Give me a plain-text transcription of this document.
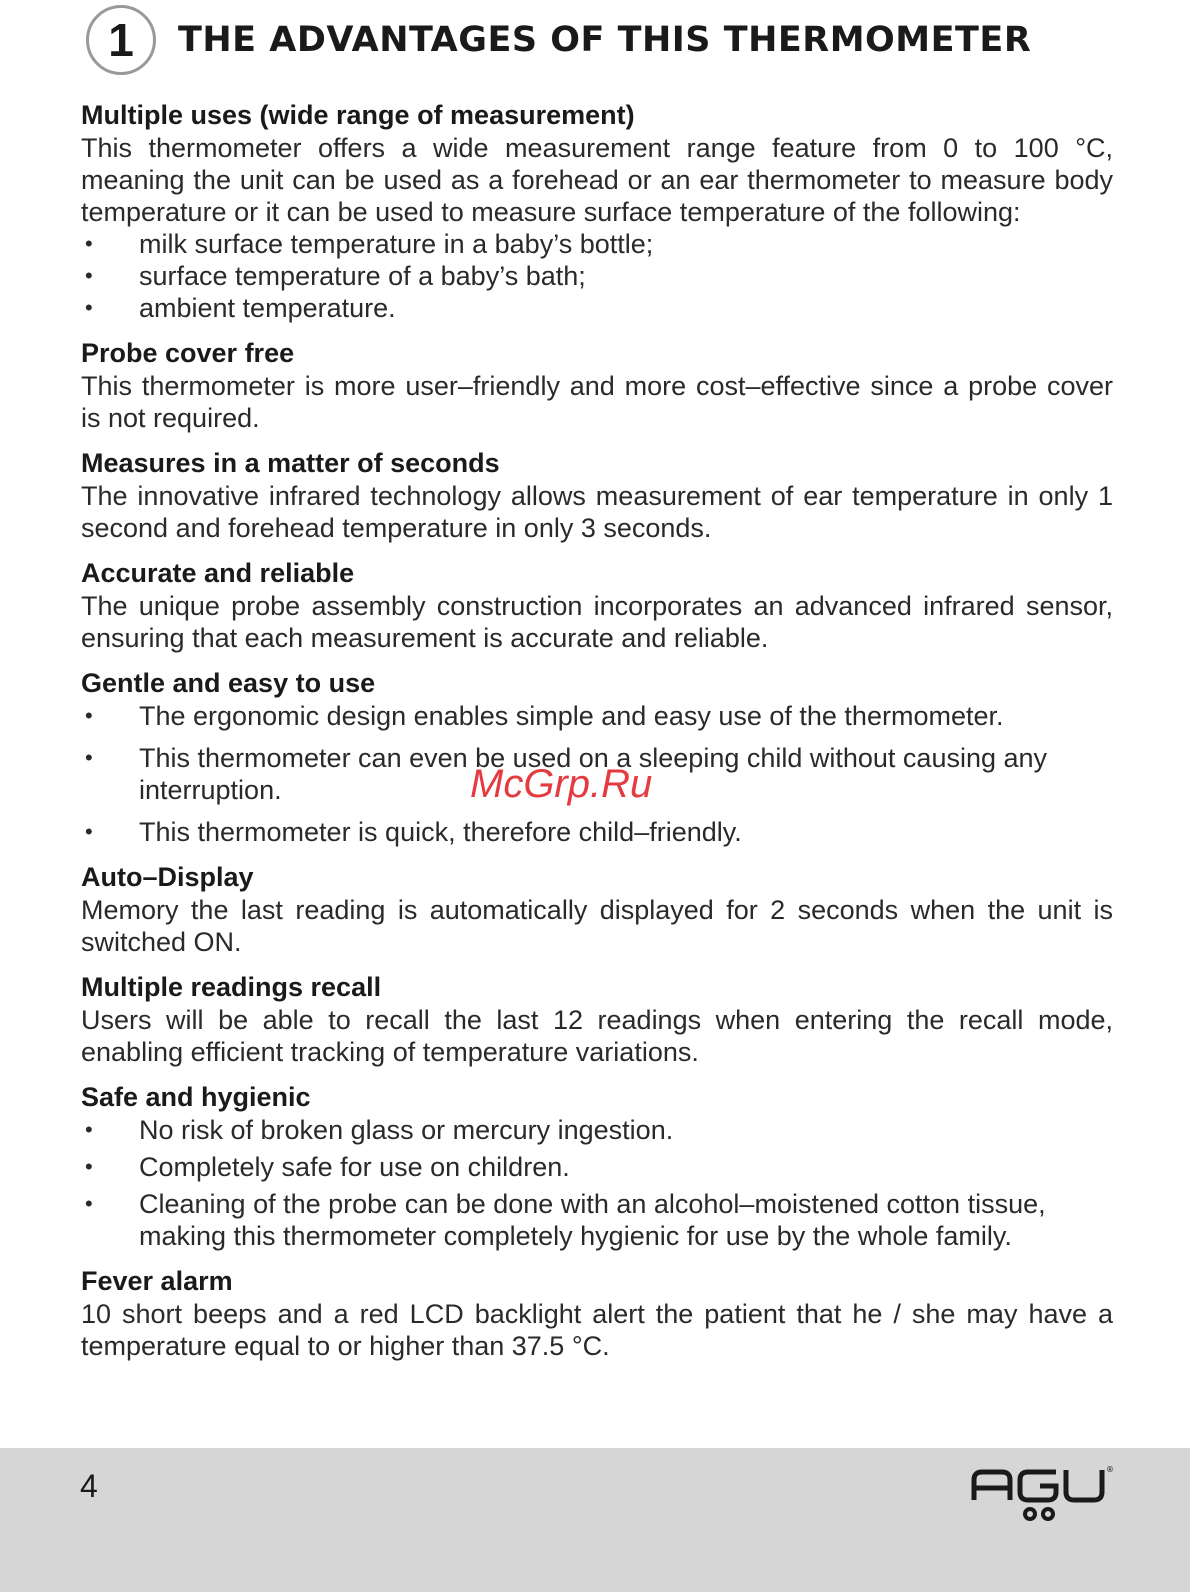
1	THE ADVANTAGES OF THIS THERMOMETER
Multiple uses (wide range of measurement)

This thermometer offers a wide measurement range feature from 0 to 100 °C, meaning the unit can be used as a forehead or an ear thermometer to measure body temperature or it can be used to measure surface temperature of the following:

• milk surface temperature in a baby’s bottle;
• surface temperature of a baby’s bath;
• ambient temperature.
Probe cover free

This thermometer is more user–friendly and more cost–effective since a probe cover is not required.

Measures in a matter of seconds

The innovative infrared technology allows measurement of ear temperature in only 1 second and forehead temperature in only 3 seconds.

Accurate and reliable

The unique probe assembly construction incorporates an advanced infrared sensor, ensuring that each measurement is accurate and reliable.

Gentle and easy to use
• The ergonomic design enables simple and easy use of the thermometer.
• This thermometer can even be used on a sleeping child without causing any interruption.
• This thermometer is quick, therefore child–friendly.
Auto–Display

Memory the last reading is automatically displayed for 2 seconds when the unit is switched ON.

Multiple readings recall

Users will be able to recall the last 12 readings when entering the recall mode, enabling efficient tracking of temperature variations.

Safe and hygienic
• No risk of broken glass or mercury ingestion.
• Completely safe for use on children.
• Cleaning of the probe can be done with an alcohol–moistened cotton tissue, making this thermometer completely hygienic for use by the whole family.
Fever alarm

10 short beeps and a red LCD backlight alert the patient that he / she may have a temperature equal to or higher than 37.5 °C.

McGrp.Ru
4	®
